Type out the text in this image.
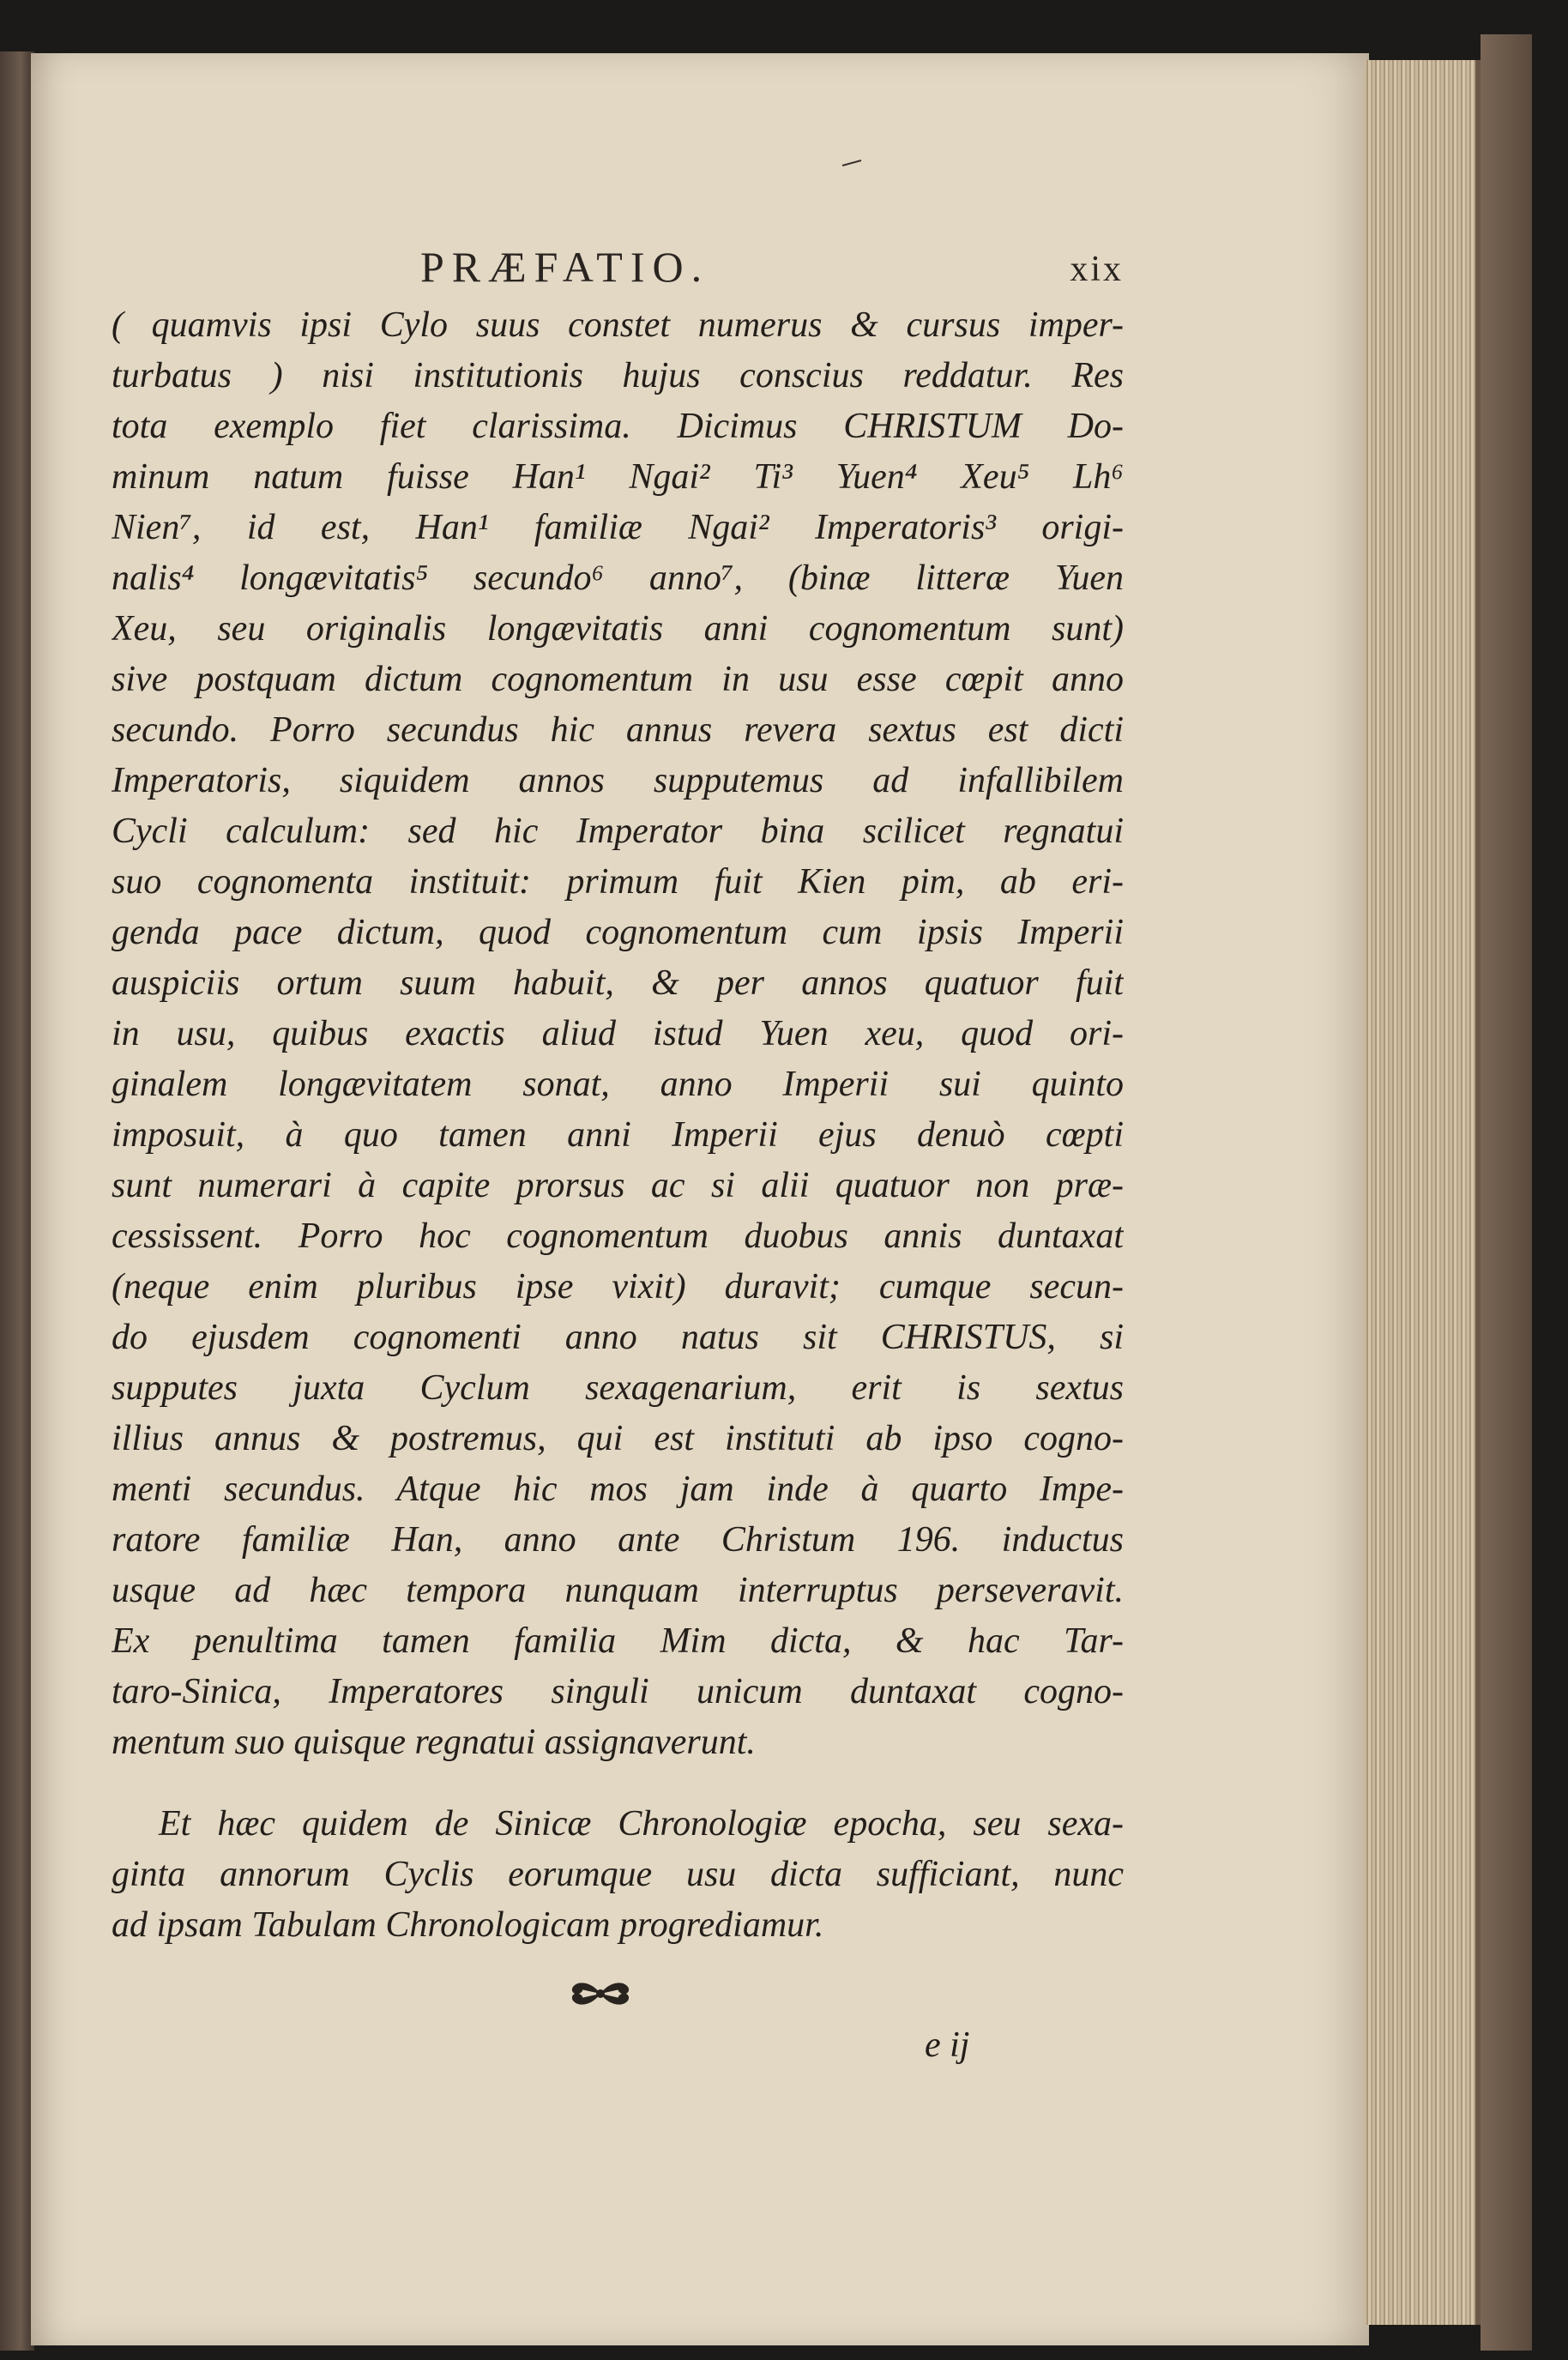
PRÆFATIO.	xix
( quamvis ipsi Cylo suus constet numerus & cursus imper-
turbatus ) nisi institutionis hujus conscius reddatur. Res
tota exemplo fiet clarissima. Dicimus CHRISTUM Do-
minum natum fuisse Han¹ Ngai² Ti³ Yuen⁴ Xeu⁵ Lh⁶
Nien⁷, id est, Han¹ familiæ Ngai² Imperatoris³ origi-
nalis⁴ longævitatis⁵ secundo⁶ anno⁷, (binæ litteræ Yuen
Xeu, seu originalis longævitatis anni cognomentum sunt)
sive postquam dictum cognomentum in usu esse cœpit anno
secundo. Porro secundus hic annus revera sextus est dicti
Imperatoris, siquidem annos supputemus ad infallibilem
Cycli calculum: sed hic Imperator bina scilicet regnatui
suo cognomenta instituit: primum fuit Kien pim, ab eri-
genda pace dictum, quod cognomentum cum ipsis Imperii
auspiciis ortum suum habuit, & per annos quatuor fuit
in usu, quibus exactis aliud istud Yuen xeu, quod ori-
ginalem longævitatem sonat, anno Imperii sui quinto
imposuit, à quo tamen anni Imperii ejus denuò cœpti
sunt numerari à capite prorsus ac si alii quatuor non præ-
cessissent. Porro hoc cognomentum duobus annis duntaxat
(neque enim pluribus ipse vixit) duravit; cumque secun-
do ejusdem cognomenti anno natus sit CHRISTUS, si
supputes juxta Cyclum sexagenarium, erit is sextus
illius annus & postremus, qui est instituti ab ipso cogno-
menti secundus. Atque hic mos jam inde à quarto Impe-
ratore familiæ Han, anno ante Christum 196. inductus
usque ad hæc tempora nunquam interruptus perseveravit.
Ex penultima tamen familia Mim dicta, & hac Tar-
taro-Sinica, Imperatores singuli unicum duntaxat cogno-
mentum suo quisque regnatui assignaverunt.
Et hæc quidem de Sinicæ Chronologiæ epocha, seu sexa-
ginta annorum Cyclis eorumque usu dicta sufficiant, nunc
ad ipsam Tabulam Chronologicam progrediamur.
e ij
